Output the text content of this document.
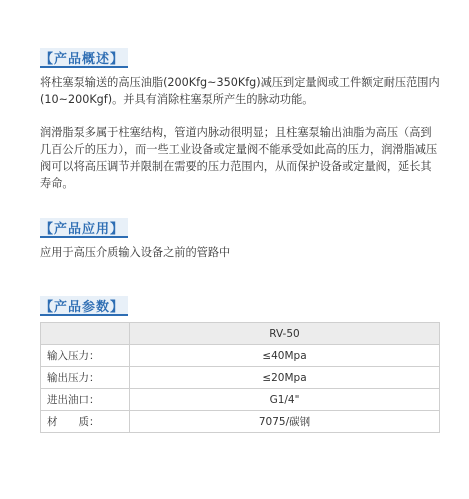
【产品概述】

将柱塞泵输送的高压油脂(200Kfg~350Kfg)减压到定量阀或工件额定耐压范围内(10~200Kgf)。并具有消除柱塞泵所产生的脉动功能。

润滑脂泵多属于柱塞结构，管道内脉动很明显；且柱塞泵输出油脂为高压（高到几百公斤的压力），而一些工业设备或定量阀不能承受如此高的压力，润滑脂减压阀可以将高压调节并限制在需要的压力范围内，从而保护设备或定量阀，延长其寿命。

【产品应用】

应用于高压介质输入设备之前的管路中

【产品参数】
	RV-50
输入压力：	≤40Mpa
输出压力：	≤20Mpa
进出油口：	G1/4"
材　　质：	7075/碳钢
